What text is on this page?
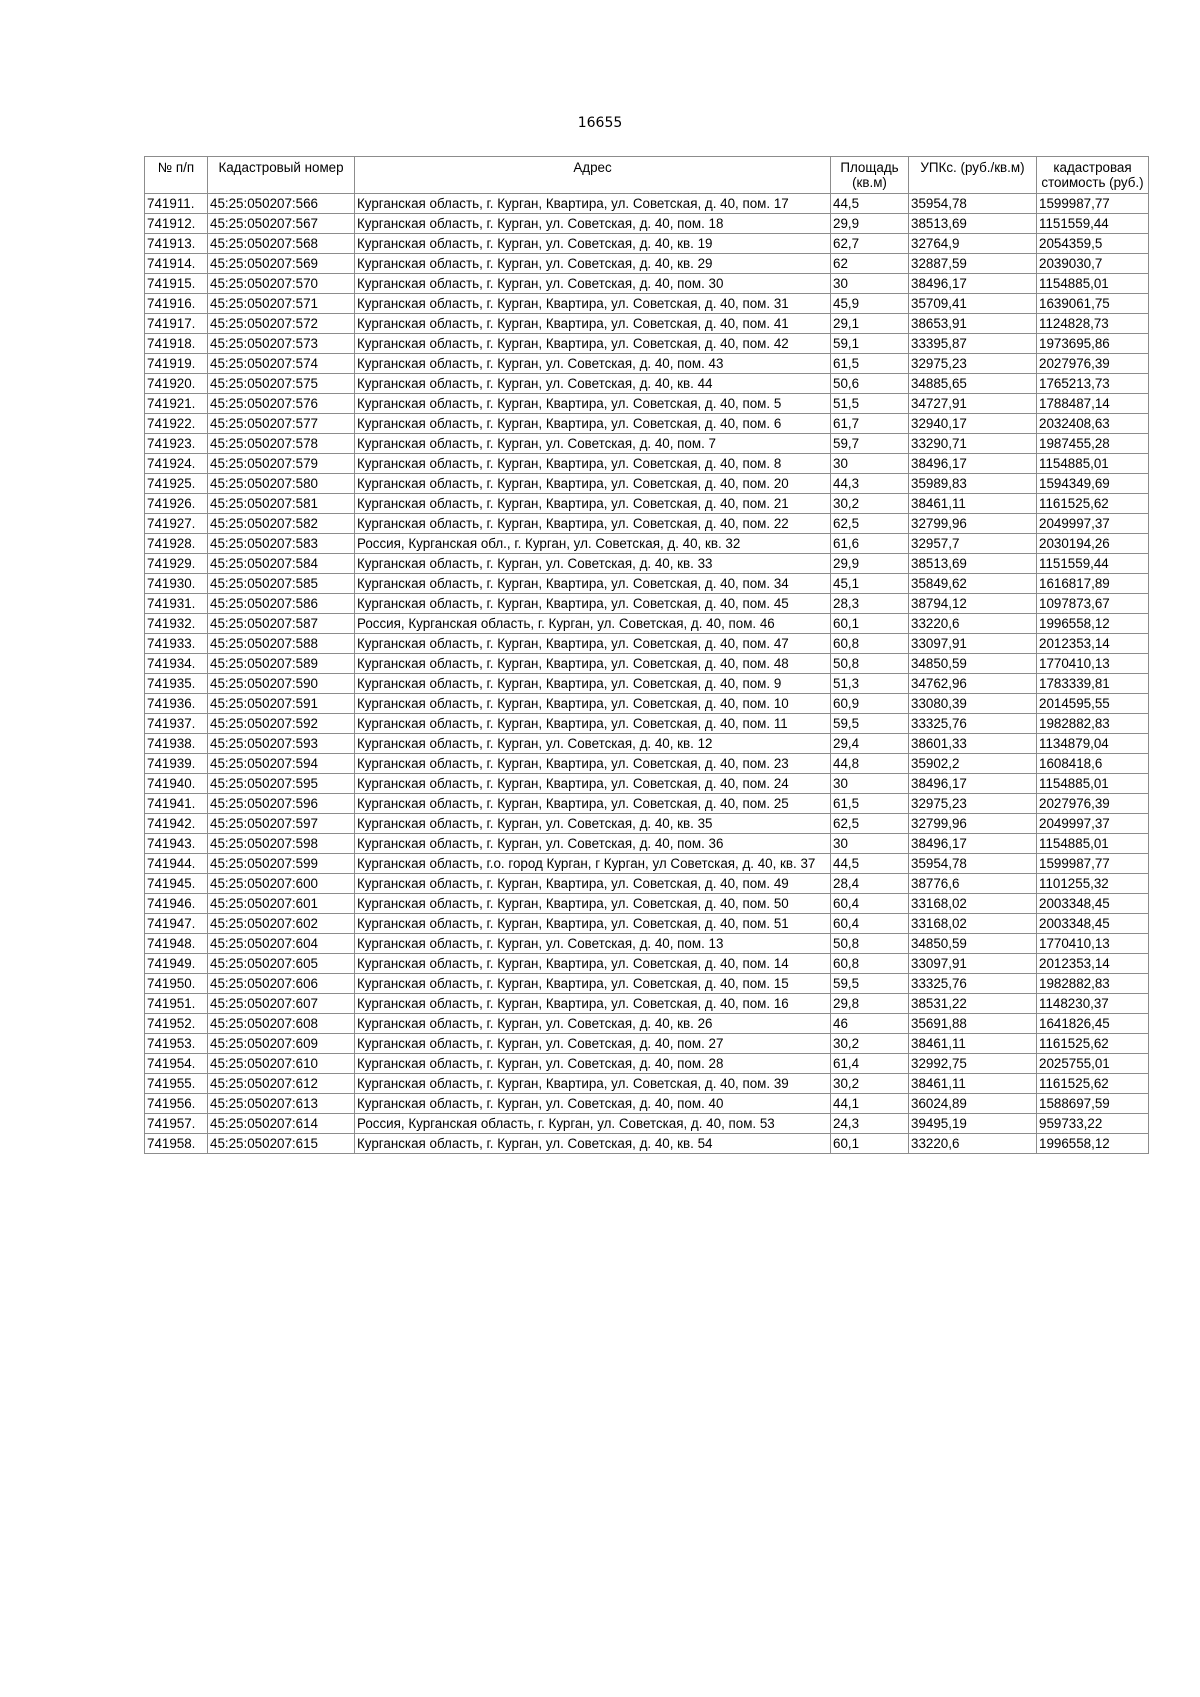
16655
№ п/п	Кадастровый номер	Адрес	Площадь (кв.м)	УПКс. (руб./кв.м)	кадастровая стоимость (руб.)
741911.	45:25:050207:566	Курганская область, г. Курган, Квартира, ул. Советская, д. 40, пом. 17	44,5	35954,78	1599987,77
741912.	45:25:050207:567	Курганская область, г. Курган, ул. Советская, д. 40, пом. 18	29,9	38513,69	1151559,44
741913.	45:25:050207:568	Курганская область, г. Курган, ул. Советская, д. 40, кв. 19	62,7	32764,9	2054359,5
741914.	45:25:050207:569	Курганская область, г. Курган, ул. Советская, д. 40, кв. 29	62	32887,59	2039030,7
741915.	45:25:050207:570	Курганская область, г. Курган, ул. Советская, д. 40, пом. 30	30	38496,17	1154885,01
741916.	45:25:050207:571	Курганская область, г. Курган, Квартира, ул. Советская, д. 40, пом. 31	45,9	35709,41	1639061,75
741917.	45:25:050207:572	Курганская область, г. Курган, Квартира, ул. Советская, д. 40, пом. 41	29,1	38653,91	1124828,73
741918.	45:25:050207:573	Курганская область, г. Курган, Квартира, ул. Советская, д. 40, пом. 42	59,1	33395,87	1973695,86
741919.	45:25:050207:574	Курганская область, г. Курган, ул. Советская, д. 40, пом. 43	61,5	32975,23	2027976,39
741920.	45:25:050207:575	Курганская область, г. Курган, ул. Советская, д. 40, кв. 44	50,6	34885,65	1765213,73
741921.	45:25:050207:576	Курганская область, г. Курган, Квартира, ул. Советская, д. 40, пом. 5	51,5	34727,91	1788487,14
741922.	45:25:050207:577	Курганская область, г. Курган, Квартира, ул. Советская, д. 40, пом. 6	61,7	32940,17	2032408,63
741923.	45:25:050207:578	Курганская область, г. Курган, ул. Советская, д. 40, пом. 7	59,7	33290,71	1987455,28
741924.	45:25:050207:579	Курганская область, г. Курган, Квартира, ул. Советская, д. 40, пом. 8	30	38496,17	1154885,01
741925.	45:25:050207:580	Курганская область, г. Курган, Квартира, ул. Советская, д. 40, пом. 20	44,3	35989,83	1594349,69
741926.	45:25:050207:581	Курганская область, г. Курган, Квартира, ул. Советская, д. 40, пом. 21	30,2	38461,11	1161525,62
741927.	45:25:050207:582	Курганская область, г. Курган, Квартира, ул. Советская, д. 40, пом. 22	62,5	32799,96	2049997,37
741928.	45:25:050207:583	Россия, Курганская обл., г. Курган, ул. Советская, д. 40, кв. 32	61,6	32957,7	2030194,26
741929.	45:25:050207:584	Курганская область, г. Курган, ул. Советская, д. 40, кв. 33	29,9	38513,69	1151559,44
741930.	45:25:050207:585	Курганская область, г. Курган, Квартира, ул. Советская, д. 40, пом. 34	45,1	35849,62	1616817,89
741931.	45:25:050207:586	Курганская область, г. Курган, Квартира, ул. Советская, д. 40, пом. 45	28,3	38794,12	1097873,67
741932.	45:25:050207:587	Россия, Курганская область, г. Курган, ул. Советская, д. 40, пом. 46	60,1	33220,6	1996558,12
741933.	45:25:050207:588	Курганская область, г. Курган, Квартира, ул. Советская, д. 40, пом. 47	60,8	33097,91	2012353,14
741934.	45:25:050207:589	Курганская область, г. Курган, Квартира, ул. Советская, д. 40, пом. 48	50,8	34850,59	1770410,13
741935.	45:25:050207:590	Курганская область, г. Курган, Квартира, ул. Советская, д. 40, пом. 9	51,3	34762,96	1783339,81
741936.	45:25:050207:591	Курганская область, г. Курган, Квартира, ул. Советская, д. 40, пом. 10	60,9	33080,39	2014595,55
741937.	45:25:050207:592	Курганская область, г. Курган, Квартира, ул. Советская, д. 40, пом. 11	59,5	33325,76	1982882,83
741938.	45:25:050207:593	Курганская область, г. Курган, ул. Советская, д. 40, кв. 12	29,4	38601,33	1134879,04
741939.	45:25:050207:594	Курганская область, г. Курган, Квартира, ул. Советская, д. 40, пом. 23	44,8	35902,2	1608418,6
741940.	45:25:050207:595	Курганская область, г. Курган, Квартира, ул. Советская, д. 40, пом. 24	30	38496,17	1154885,01
741941.	45:25:050207:596	Курганская область, г. Курган, Квартира, ул. Советская, д. 40, пом. 25	61,5	32975,23	2027976,39
741942.	45:25:050207:597	Курганская область, г. Курган, ул. Советская, д. 40, кв. 35	62,5	32799,96	2049997,37
741943.	45:25:050207:598	Курганская область, г. Курган, ул. Советская, д. 40, пом. 36	30	38496,17	1154885,01
741944.	45:25:050207:599	Курганская область, г.о. город Курган, г Курган, ул Советская, д. 40, кв. 37	44,5	35954,78	1599987,77
741945.	45:25:050207:600	Курганская область, г. Курган, Квартира, ул. Советская, д. 40, пом. 49	28,4	38776,6	1101255,32
741946.	45:25:050207:601	Курганская область, г. Курган, Квартира, ул. Советская, д. 40, пом. 50	60,4	33168,02	2003348,45
741947.	45:25:050207:602	Курганская область, г. Курган, Квартира, ул. Советская, д. 40, пом. 51	60,4	33168,02	2003348,45
741948.	45:25:050207:604	Курганская область, г. Курган, ул. Советская, д. 40, пом. 13	50,8	34850,59	1770410,13
741949.	45:25:050207:605	Курганская область, г. Курган, Квартира, ул. Советская, д. 40, пом. 14	60,8	33097,91	2012353,14
741950.	45:25:050207:606	Курганская область, г. Курган, Квартира, ул. Советская, д. 40, пом. 15	59,5	33325,76	1982882,83
741951.	45:25:050207:607	Курганская область, г. Курган, Квартира, ул. Советская, д. 40, пом. 16	29,8	38531,22	1148230,37
741952.	45:25:050207:608	Курганская область, г. Курган, ул. Советская, д. 40, кв. 26	46	35691,88	1641826,45
741953.	45:25:050207:609	Курганская область, г. Курган, ул. Советская, д. 40, пом. 27	30,2	38461,11	1161525,62
741954.	45:25:050207:610	Курганская область, г. Курган, ул. Советская, д. 40, пом. 28	61,4	32992,75	2025755,01
741955.	45:25:050207:612	Курганская область, г. Курган, Квартира, ул. Советская, д. 40, пом. 39	30,2	38461,11	1161525,62
741956.	45:25:050207:613	Курганская область, г. Курган, ул. Советская, д. 40, пом. 40	44,1	36024,89	1588697,59
741957.	45:25:050207:614	Россия, Курганская область, г. Курган, ул. Советская, д. 40, пом. 53	24,3	39495,19	959733,22
741958.	45:25:050207:615	Курганская область, г. Курган, ул. Советская, д. 40, кв. 54	60,1	33220,6	1996558,12
